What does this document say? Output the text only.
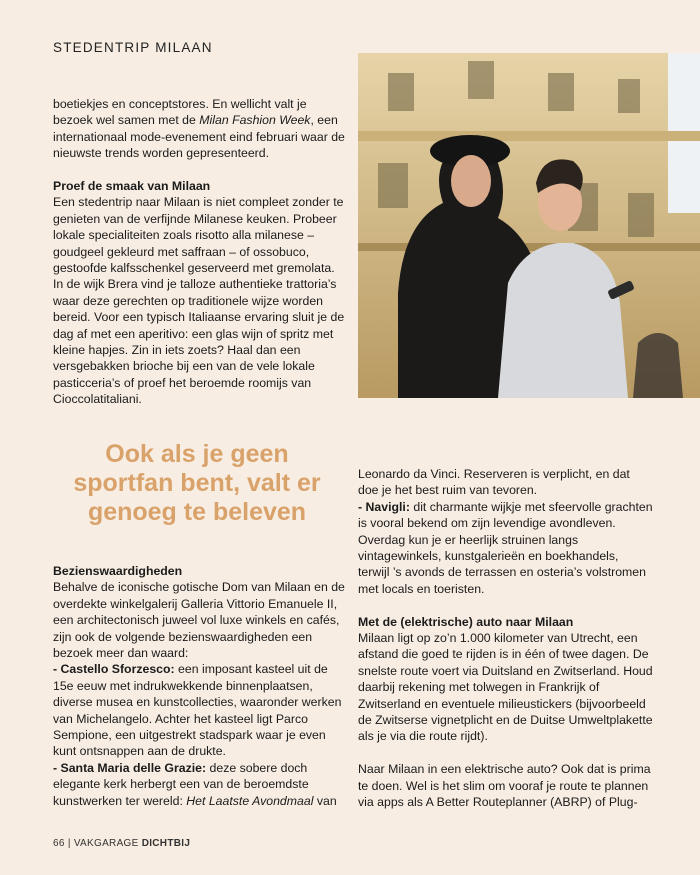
STEDENTRIP MILAAN

boetiekjes en conceptstores. En wellicht valt je bezoek wel samen met de Milan Fashion Week, een internationaal mode-evenement eind februari waar de nieuwste trends worden gepresenteerd.

Proef de smaak van Milaan

Een stedentrip naar Milaan is niet compleet zonder te genieten van de verfijnde Milanese keuken. Probeer lokale specialiteiten zoals risotto alla milanese – goudgeel gekleurd met saffraan – of ossobuco, gestoofde kalfsschenkel geserveerd met gremolata. In de wijk Brera vind je talloze authentieke trattoria’s waar deze gerechten op traditionele wijze worden bereid. Voor een typisch Italiaanse ervaring sluit je de dag af met een aperitivo: een glas wijn of spritz met kleine hapjes. Zin in iets zoets? Haal dan een versgebakken brioche bij een van de vele lokale pasticceria’s of proef het beroemde roomijs van Cioccolatitaliani.

Ook als je geen sportfan bent, valt er genoeg te beleven

Bezienswaardigheden

Behalve de iconische gotische Dom van Milaan en de overdekte winkelgalerij Galleria Vittorio Emanuele II, een architectonisch juweel vol luxe winkels en cafés, zijn ook de volgende bezienswaardigheden een bezoek meer dan waard:

- Castello Sforzesco: een imposant kasteel uit de 15e eeuw met indrukwekkende binnenplaatsen, diverse musea en kunstcollecties, waaronder werken van Michelangelo. Achter het kasteel ligt Parco Sempione, een uitgestrekt stadspark waar je even kunt ontsnappen aan de drukte.

- Santa Maria delle Grazie: deze sobere doch elegante kerk herbergt een van de beroemdste kunstwerken ter wereld: Het Laatste Avondmaal van

Leonardo da Vinci. Reserveren is verplicht, en dat doe je het best ruim van tevoren.

- Navigli: dit charmante wijkje met sfeervolle grachten is vooral bekend om zijn levendige avondleven. Overdag kun je er heerlijk struinen langs vintagewinkels, kunstgalerieën en boekhandels, terwijl ’s avonds de terrassen en osteria’s volstromen met locals en toeristen.

Met de (elektrische) auto naar Milaan

Milaan ligt op zo’n 1.000 kilometer van Utrecht, een afstand die goed te rijden is in één of twee dagen. De snelste route voert via Duitsland en Zwitserland. Houd daarbij rekening met tolwegen in Frankrijk of Zwitserland en eventuele milieustickers (bijvoorbeeld de Zwitserse vignetplicht en de Duitse Umweltplakette als je via die route rijdt).

Naar Milaan in een elektrische auto? Ook dat is prima te doen. Wel is het slim om vooraf je route te plannen via apps als A Better Routeplanner (ABRP) of Plug-

66 | VAKGARAGE DICHTBIJ
